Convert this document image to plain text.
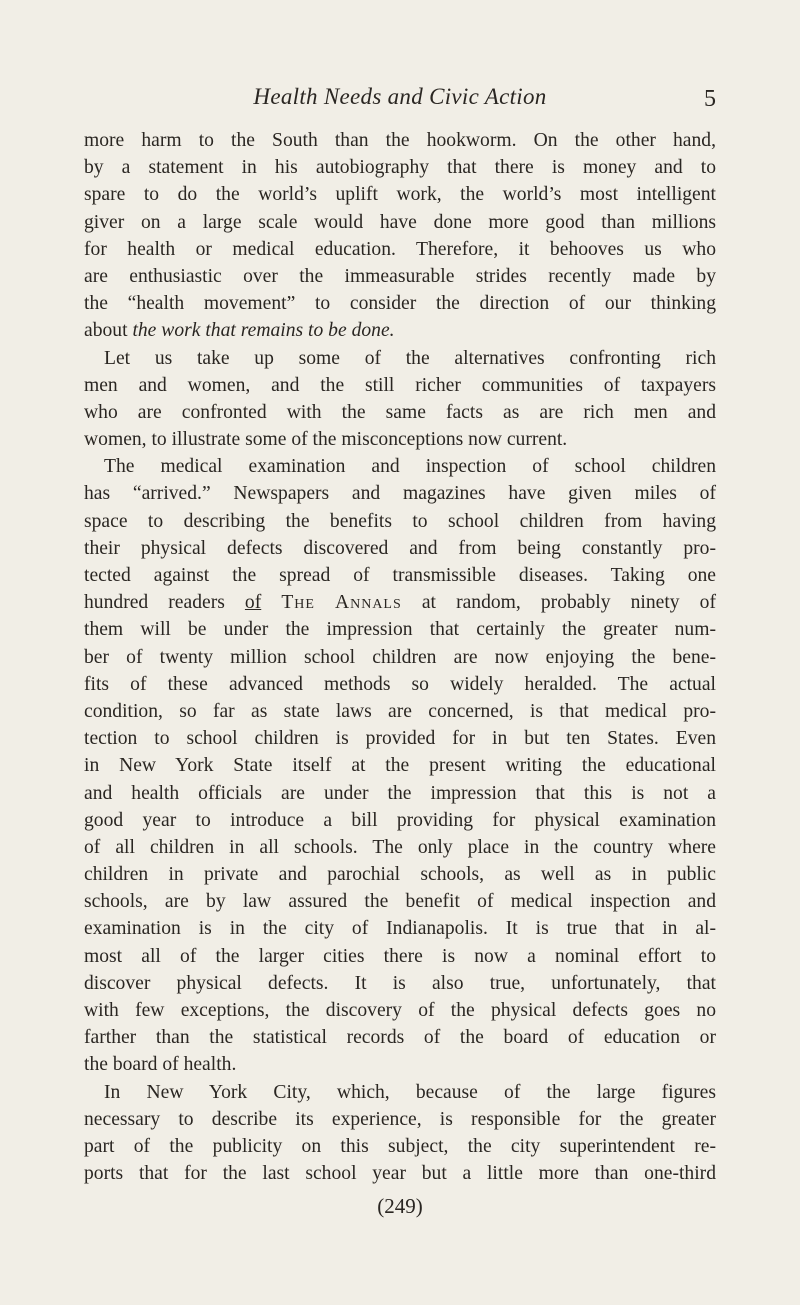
Health Needs and Civic Action	5
more harm to the South than the hookworm. On the other hand,
by a statement in his autobiography that there is money and to
spare to do the world’s uplift work, the world’s most intelligent
giver on a large scale would have done more good than millions
for health or medical education. Therefore, it behooves us who
are enthusiastic over the immeasurable strides recently made by
the “health movement” to consider the direction of our thinking
about the work that remains to be done.
Let us take up some of the alternatives confronting rich
men and women, and the still richer communities of taxpayers
who are confronted with the same facts as are rich men and
women, to illustrate some of the misconceptions now current.
The medical examination and inspection of school children
has “arrived.” Newspapers and magazines have given miles of
space to describing the benefits to school children from having
their physical defects discovered and from being constantly pro-
tected against the spread of transmissible diseases. Taking one
hundred readers of The Annals at random, probably ninety of
them will be under the impression that certainly the greater num-
ber of twenty million school children are now enjoying the bene-
fits of these advanced methods so widely heralded. The actual
condition, so far as state laws are concerned, is that medical pro-
tection to school children is provided for in but ten States. Even
in New York State itself at the present writing the educational
and health officials are under the impression that this is not a
good year to introduce a bill providing for physical examination
of all children in all schools. The only place in the country where
children in private and parochial schools, as well as in public
schools, are by law assured the benefit of medical inspection and
examination is in the city of Indianapolis. It is true that in al-
most all of the larger cities there is now a nominal effort to
discover physical defects. It is also true, unfortunately, that
with few exceptions, the discovery of the physical defects goes no
farther than the statistical records of the board of education or
the board of health.
In New York City, which, because of the large figures
necessary to describe its experience, is responsible for the greater
part of the publicity on this subject, the city superintendent re-
ports that for the last school year but a little more than one-third
(249)
